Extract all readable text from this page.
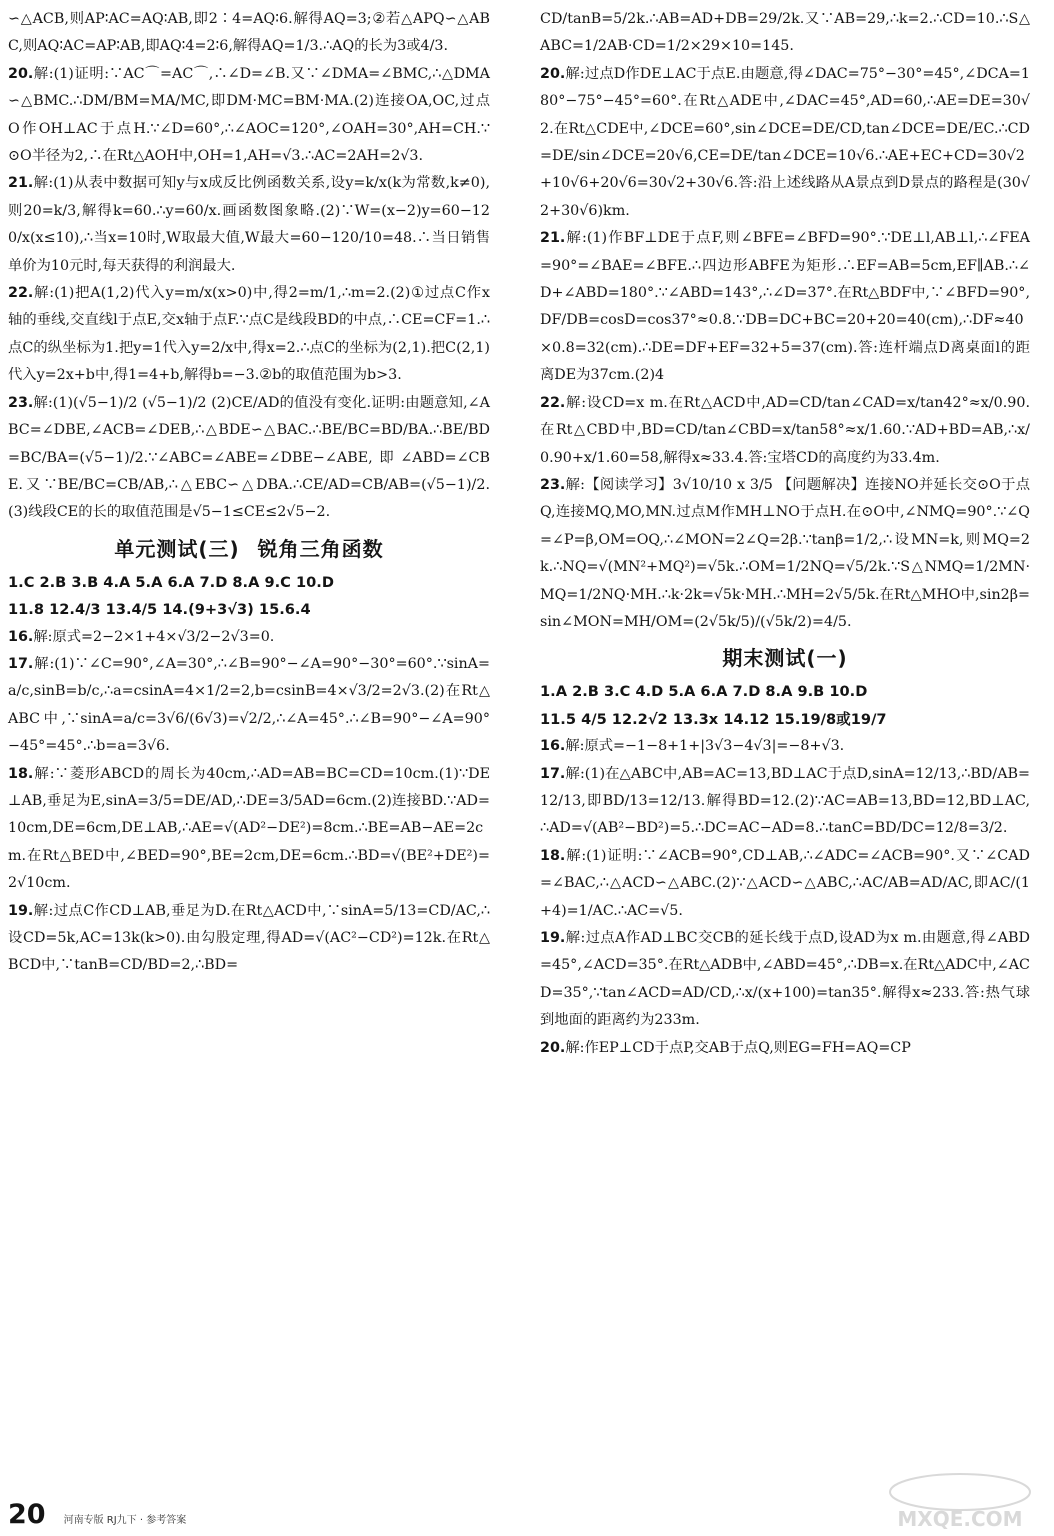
∽△ACB,则AP∶AC=AQ∶AB,即2∶4=AQ∶6.解得AQ=3;②若△APQ∽△ABC,则AQ∶AC=AP∶AB,即AQ∶4=2∶6,解得AQ=1/3.∴AQ的长为3或4/3.

20.解:(1)证明:∵AC⌒=AC⌒,∴∠D=∠B.又∵∠DMA=∠BMC,∴△DMA∽△BMC.∴DM/BM=MA/MC,即DM·MC=BM·MA.(2)连接OA,OC,过点O作OH⊥AC于点H.∵∠D=60°,∴∠AOC=120°,∠OAH=30°,AH=CH.∵⊙O半径为2,∴在Rt△AOH中,OH=1,AH=√3.∴AC=2AH=2√3.

21.解:(1)从表中数据可知y与x成反比例函数关系,设y=k/x(k为常数,k≠0),则20=k/3,解得k=60.∴y=60/x.画函数图象略.(2)∵W=(x−2)y=60−120/x(x≤10),∴当x=10时,W取最大值,W最大=60−120/10=48.∴当日销售单价为10元时,每天获得的利润最大.

22.解:(1)把A(1,2)代入y=m/x(x>0)中,得2=m/1,∴m=2.(2)①过点C作x轴的垂线,交直线l于点E,交x轴于点F.∵点C是线段BD的中点,∴CE=CF=1.∴点C的纵坐标为1.把y=1代入y=2/x中,得x=2.∴点C的坐标为(2,1).把C(2,1)代入y=2x+b中,得1=4+b,解得b=−3.②b的取值范围为b>3.

23.解:(1)(√5−1)/2 (√5−1)/2 (2)CE/AD的值没有变化.证明:由题意知,∠ABC=∠DBE,∠ACB=∠DEB,∴△BDE∽△BAC.∴BE/BC=BD/BA.∴BE/BD=BC/BA=(√5−1)/2.∵∠ABC=∠ABE=∠DBE−∠ABE,即∠ABD=∠CBE.又∵BE/BC=CB/AB,∴△EBC∽△DBA.∴CE/AD=CB/AB=(√5−1)/2.(3)线段CE的长的取值范围是√5−1≤CE≤2√5−2.

单元测试(三) 锐角三角函数

1.C 2.B 3.B 4.A 5.A 6.A 7.D 8.A 9.C 10.D

11.8 12.4/3 13.4/5 14.(9+3√3) 15.6.4

16.解:原式=2−2×1+4×√3/2−2√3=0.

17.解:(1)∵∠C=90°,∠A=30°,∴∠B=90°−∠A=90°−30°=60°.∵sinA=a/c,sinB=b/c,∴a=csinA=4×1/2=2,b=csinB=4×√3/2=2√3.(2)在Rt△ABC中,∵sinA=a/c=3√6/(6√3)=√2/2,∴∠A=45°.∴∠B=90°−∠A=90°−45°=45°.∴b=a=3√6.

18.解:∵菱形ABCD的周长为40cm,∴AD=AB=BC=CD=10cm.(1)∵DE⊥AB,垂足为E,sinA=3/5=DE/AD,∴DE=3/5AD=6cm.(2)连接BD.∵AD=10cm,DE=6cm,DE⊥AB,∴AE=√(AD²−DE²)=8cm.∴BE=AB−AE=2cm.在Rt△BED中,∠BED=90°,BE=2cm,DE=6cm.∴BD=√(BE²+DE²)=2√10cm.

19.解:过点C作CD⊥AB,垂足为D.在Rt△ACD中,∵sinA=5/13=CD/AC,∴设CD=5k,AC=13k(k>0).由勾股定理,得AD=√(AC²−CD²)=12k.在Rt△BCD中,∵tanB=CD/BD=2,∴BD=

CD/tanB=5/2k.∴AB=AD+DB=29/2k.又∵AB=29,∴k=2.∴CD=10.∴S△ABC=1/2AB·CD=1/2×29×10=145.

20.解:过点D作DE⊥AC于点E.由题意,得∠DAC=75°−30°=45°,∠DCA=180°−75°−45°=60°.在Rt△ADE中,∠DAC=45°,AD=60,∴AE=DE=30√2.在Rt△CDE中,∠DCE=60°,sin∠DCE=DE/CD,tan∠DCE=DE/EC.∴CD=DE/sin∠DCE=20√6,CE=DE/tan∠DCE=10√6.∴AE+EC+CD=30√2+10√6+20√6=30√2+30√6.答:沿上述线路从A景点到D景点的路程是(30√2+30√6)km.

21.解:(1)作BF⊥DE于点F,则∠BFE=∠BFD=90°.∵DE⊥l,AB⊥l,∴∠FEA=90°=∠BAE=∠BFE.∴四边形ABFE为矩形.∴EF=AB=5cm,EF∥AB.∴∠D+∠ABD=180°.∵∠ABD=143°,∴∠D=37°.在Rt△BDF中,∵∠BFD=90°,DF/DB=cosD=cos37°≈0.8.∵DB=DC+BC=20+20=40(cm),∴DF≈40×0.8=32(cm).∴DE=DF+EF=32+5=37(cm).答:连杆端点D离桌面l的距离DE为37cm.(2)4

22.解:设CD=x m.在Rt△ACD中,AD=CD/tan∠CAD=x/tan42°≈x/0.90.在Rt△CBD中,BD=CD/tan∠CBD=x/tan58°≈x/1.60.∵AD+BD=AB,∴x/0.90+x/1.60=58,解得x≈33.4.答:宝塔CD的高度约为33.4m.

23.解:【阅读学习】3√10/10 x 3/5 【问题解决】连接NO并延长交⊙O于点Q,连接MQ,MO,MN.过点M作MH⊥NO于点H.在⊙O中,∠NMQ=90°.∵∠Q=∠P=β,OM=OQ,∴∠MON=2∠Q=2β.∵tanβ=1/2,∴设MN=k,则MQ=2k.∴NQ=√(MN²+MQ²)=√5k.∴OM=1/2NQ=√5/2k.∵S△NMQ=1/2MN·MQ=1/2NQ·MH.∴k·2k=√5k·MH.∴MH=2√5/5k.在Rt△MHO中,sin2β=sin∠MON=MH/OM=(2√5k/5)/(√5k/2)=4/5.

期末测试(一)

1.A 2.B 3.C 4.D 5.A 6.A 7.D 8.A 9.B 10.D

11.5 4/5 12.2√2 13.3x 14.12 15.19/8或19/7

16.解:原式=−1−8+1+|3√3−4√3|=−8+√3.

17.解:(1)在△ABC中,AB=AC=13,BD⊥AC于点D,sinA=12/13,∴BD/AB=12/13,即BD/13=12/13.解得BD=12.(2)∵AC=AB=13,BD=12,BD⊥AC,∴AD=√(AB²−BD²)=5.∴DC=AC−AD=8.∴tanC=BD/DC=12/8=3/2.

18.解:(1)证明:∵∠ACB=90°,CD⊥AB,∴∠ADC=∠ACB=90°.又∵∠CAD=∠BAC,∴△ACD∽△ABC.(2)∵△ACD∽△ABC,∴AC/AB=AD/AC,即AC/(1+4)=1/AC.∴AC=√5.

19.解:过点A作AD⊥BC交CB的延长线于点D,设AD为x m.由题意,得∠ABD=45°,∠ACD=35°.在Rt△ADB中,∠ABD=45°,∴DB=x.在Rt△ADC中,∠ACD=35°,∵tan∠ACD=AD/CD,∴x/(x+100)=tan35°.解得x≈233.答:热气球到地面的距离约为233m.

20.解:作EP⊥CD于点P,交AB于点Q,则EG=FH=AQ=CP

20 河南专版 RJ九下 · 参考答案	MXQE.COM
